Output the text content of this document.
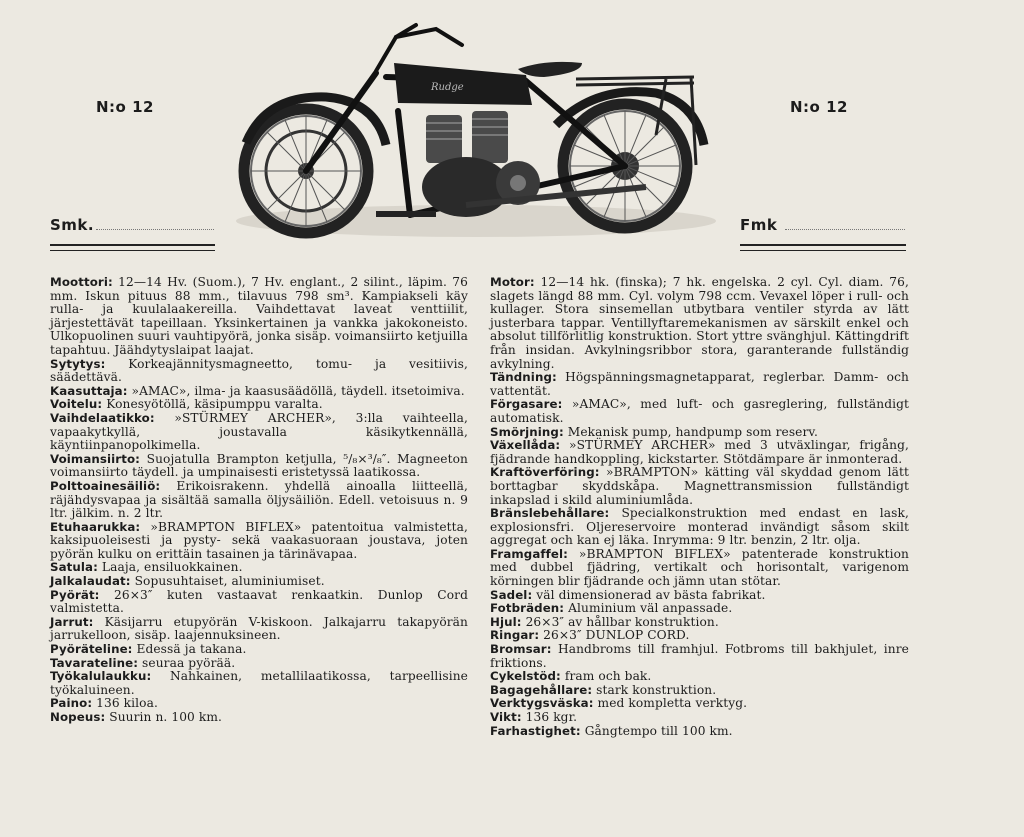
N:o 12	N:o 12
Smk.	Fmk
Rudge

Moottori: 12—14 Hv. (Suom.), 7 Hv. englant., 2 silint., läpim. 76 mm. Iskun pituus 88 mm., tilavuus 798 sm³. Kampiakseli käy rulla- ja kuulalaakereilla. Vaihdettavat laveat venttiilit, järjestettävät tapeillaan. Yksinkertainen ja vankka jakokoneisto. Ulkopuolinen suuri vauhtipyörä, jonka sisäp. voimansiirto ketjuilla tapahtuu. Jäähdytyslaipat laajat.

Sytytys: Korkeajännitysmagneetto, tomu- ja vesitiivis, säädettävä.

Kaasuttaja: »AMAC», ilma- ja kaasusäädöllä, täydell. itsetoimiva.

Voitelu: Konesyötöllä, käsipumppu varalta.

Vaihdelaatikko: »STÜRMEY ARCHER», 3:lla vaihteella, vapaakytkyllä, joustavalla käsikytkennällä, käyntiinpanopolkimella.

Voimansiirto: Suojatulla Brampton ketjulla, ⁵/₈×³/₈″. Magneeton voimansiirto täydell. ja umpinaisesti eristetyssä laatikossa.

Polttoainesäiliö: Erikoisrakenn. yhdellä ainoalla liitteellä, räjähdysvapaa ja sisältää samalla öljysäiliön. Edell. vetoisuus n. 9 ltr. jälkim. n. 2 ltr.

Etuhaarukka: »BRAMPTON BIFLEX» patentoitua valmistetta, kaksipuoleisesti ja pysty- sekä vaakasuoraan joustava, joten pyörän kulku on erittäin tasainen ja tärinävapaa.

Satula: Laaja, ensiluokkainen.

Jalkalaudat: Sopusuhtaiset, aluminiumiset.

Pyörät: 26×3″ kuten vastaavat renkaatkin. Dunlop Cord valmistetta.

Jarrut: Käsijarru etupyörän V-kiskoon. Jalkajarru takapyörän jarrukelloon, sisäp. laajennuksineen.

Pyöräteline: Edessä ja takana.

Tavarateline: seuraa pyörää.

Työkalulaukku: Nahkainen, metallilaatikossa, tarpeellisine työkaluineen.

Paino: 136 kiloa.

Nopeus: Suurin n. 100 km.

Motor: 12—14 hk. (finska); 7 hk. engelska. 2 cyl. Cyl. diam. 76, slagets längd 88 mm. Cyl. volym 798 ccm. Vevaxel löper i rull- och kullager. Stora sinsemellan utbytbara ventiler styrda av lätt justerbara tappar. Ventillyftaremekanismen av särskilt enkel och absolut tillförlitlig konstruktion. Stort yttre svänghjul. Kättingdrift från insidan. Avkylningsribbor stora, garanterande fullständig avkylning.

Tändning: Högspänningsmagnetapparat, reglerbar. Damm- och vattentät.

Förgasare: »AMAC», med luft- och gasreglering, fullständigt automatisk.

Smörjning: Mekanisk pump, handpump som reserv.

Växellåda: »STÜRMEY ARCHER» med 3 utväxlingar, frigång, fjädrande handkoppling, kickstarter. Stötdämpare är inmonterad.

Kraftöverföring: »BRAMPTON» kätting väl skyddad genom lätt borttagbar skyddskåpa. Magnettransmission fullständigt inkapslad i skild aluminiumlåda.

Bränslebehållare: Specialkonstruktion med endast en lask, explosionsfri. Oljereservoire monterad invändigt såsom skilt aggregat och kan ej läka. Inrymma: 9 ltr. benzin, 2 ltr. olja.

Framgaffel: »BRAMPTON BIFLEX» patenterade konstruktion med dubbel fjädring, vertikalt och horisontalt, varigenom körningen blir fjädrande och jämn utan stötar.

Sadel: väl dimensionerad av bästa fabrikat.

Fotbräden: Aluminium väl anpassade.

Hjul: 26×3″ av hållbar konstruktion.

Ringar: 26×3″ DUNLOP CORD.

Bromsar: Handbroms till framhjul. Fotbroms till bakhjulet, inre friktions.

Cykelstöd: fram och bak.

Bagagehållare: stark konstruktion.

Verktygsväska: med kompletta verktyg.

Vikt: 136 kgr.

Farhastighet: Gångtempo till 100 km.
